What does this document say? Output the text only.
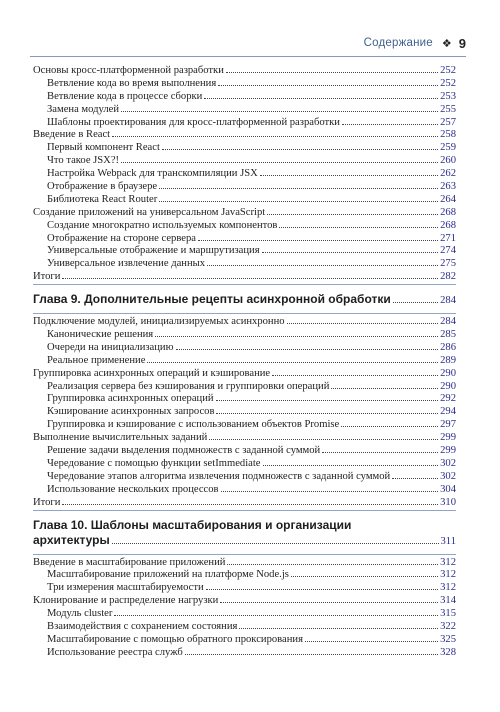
Содержание ❖ 9
Основы кросс-платформенной разработки	252
Ветвление кода во время выполнения	252
Ветвление кода в процессе сборки	253
Замена модулей	255
Шаблоны проектирования для кросс-платформенной разработки	257
Введение в React	258
Первый компонент React	259
Что такое JSX?!	260
Настройка Webpack для транскомпиляции JSX	262
Отображение в браузере	263
Библиотека React Router	264
Создание приложений на универсальном JavaScript	268
Создание многократно используемых компонентов	268
Отображение на стороне сервера	271
Универсальные отображение и маршрутизация	274
Универсальное извлечение данных	275
Итоги	282
Глава 9. Дополнительные рецепты асинхронной обработки	284
Подключение модулей, инициализируемых асинхронно	284
Канонические решения	285
Очереди на инициализацию	286
Реальное применение	289
Группировка асинхронных операций и кэширование	290
Реализация сервера без кэширования и группировки операций	290
Группировка асинхронных операций	292
Кэширование асинхронных запросов	294
Группировка и кэширование с использованием объектов Promise	297
Выполнение вычислительных заданий	299
Решение задачи выделения подмножеств с заданной суммой	299
Чередование с помощью функции setImmediate	302
Чередование этапов алгоритма извлечения подмножеств с заданной суммой	302
Использование нескольких процессов	304
Итоги	310
Глава 10. Шаблоны масштабирования и организации
архитектуры	311
Введение в масштабирование приложений	312
Масштабирование приложений на платформе Node.js	312
Три измерения масштабируемости	312
Клонирование и распределение нагрузки	314
Модуль cluster	315
Взаимодействия с сохранением состояния	322
Масштабирование с помощью обратного проксирования	325
Использование реестра служб	328
